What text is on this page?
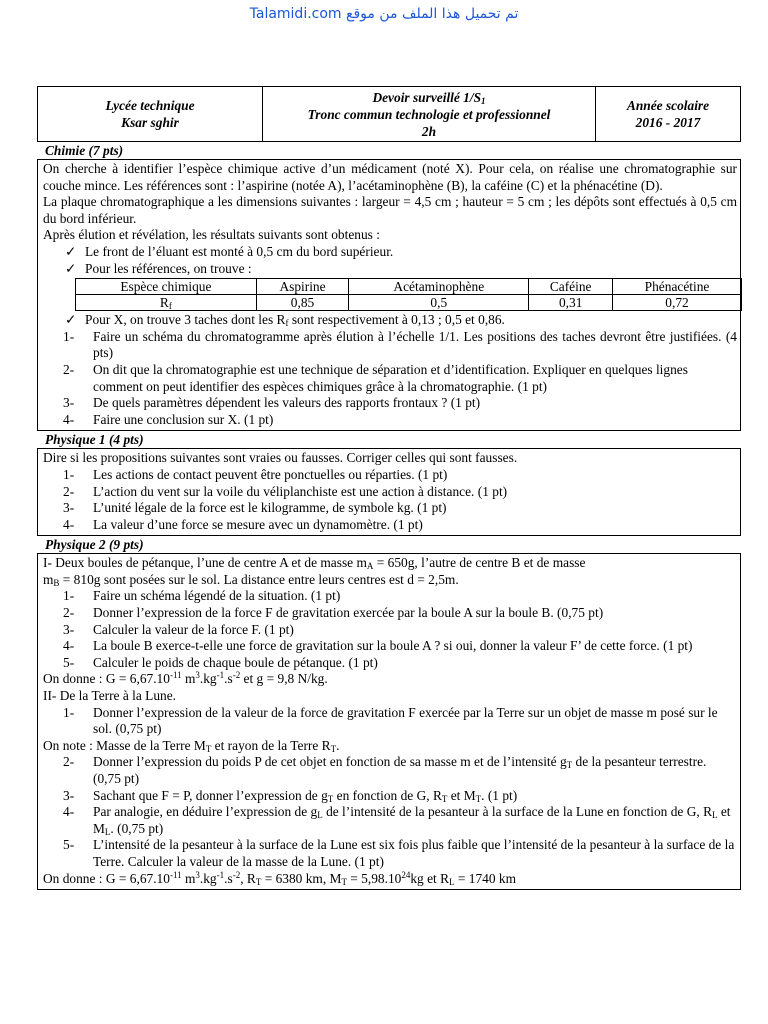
Talamidi.com تم تحميل هذا الملف من موقع
Lycée technique
Ksar sghir
Devoir surveillé $1/S_1$
Tronc commun technologie et professionnel
2h
Année scolaire
2016 - 2017
Chimie (7 pts)

On cherche à identifier l’espèce chimique active d’un médicament (noté X). Pour cela, on réalise une chromatographie sur couche mince. Les références sont : l’aspirine (notée A), l’acétaminophène (B), la caféine (C) et la phénacétine (D).

La plaque chromatographique a les dimensions suivantes : largeur = 4,5 cm ; hauteur = 5 cm ; les dépôts sont effectués à 0,5 cm du bord inférieur.

Après élution et révélation, les résultats suivants sont obtenus :

✓ Le front de l’éluant est monté à 0,5 cm du bord supérieur.
✓ Pour les références, on trouve :
Espèce chimique	Aspirine	Acétaminophène	Caféine	Phénacétine
$R_f$	0,85	0,5	0,31	0,72
✓ Pour X, on trouve 3 taches dont les $R_f$ sont respectivement à 0,13 ; 0,5 et 0,86.
1-	Faire un schéma du chromatogramme après élution à l’échelle 1/1. Les positions des taches devront être justifiées. (4 pts)
2-	On dit que la chromatographie est une technique de séparation et d’identification. Expliquer en quelques lignes comment on peut identifier des espèces chimiques grâce à la chromatographie. (1 pt)
3-	De quels paramètres dépendent les valeurs des rapports frontaux ? (1 pt)
4-	Faire une conclusion sur X. (1 pt)
Physique 1 (4 pts)

Dire si les propositions suivantes sont vraies ou fausses. Corriger celles qui sont fausses.

1-	Les actions de contact peuvent être ponctuelles ou réparties. (1 pt)
2-	L’action du vent sur la voile du véliplanchiste est une action à distance. (1 pt)
3-	L’unité légale de la force est le kilogramme, de symbole kg. (1 pt)
4-	La valeur d’une force se mesure avec un dynamomètre. (1 pt)
Physique 2 (9 pts)

I- Deux boules de pétanque, l’une de centre A et de masse $m_A = 650g$, l’autre de centre B et de masse
$m_B = 810g$ sont posées sur le sol. La distance entre leurs centres est d = 2,5m.

1-	Faire un schéma légendé de la situation. (1 pt)
2-	Donner l’expression de la force F de gravitation exercée par la boule A sur la boule B. (0,75 pt)
3-	Calculer la valeur de la force F. (1 pt)
4-	La boule B exerce-t-elle une force de gravitation sur la boule A ? si oui, donner la valeur F’ de cette force. (1 pt)
5-	Calculer le poids de chaque boule de pétanque. (1 pt)

On donne : $G = 6,67.10^{-11}$ $m^3.kg^{-1}.s^{-2}$ et g = 9,8 N/kg.

II- De la Terre à la Lune.

1-	Donner l’expression de la valeur de la force de gravitation F exercée par la Terre sur un objet de masse m posé sur le sol. (0,75 pt)

On note : Masse de la Terre $M_T$ et rayon de la Terre $R_T$.

2-	Donner l’expression du poids P de cet objet en fonction de sa masse m et de l’intensité $g_T$ de la pesanteur terrestre. (0,75 pt)
3-	Sachant que F = P, donner l’expression de $g_T$ en fonction de G, $R_T$ et $M_T$. (1 pt)
4-	Par analogie, en déduire l’expression de $g_L$ de l’intensité de la pesanteur à la surface de la Lune en fonction de G, $R_L$ et $M_L$. (0,75 pt)
5-	L’intensité de la pesanteur à la surface de la Lune est six fois plus faible que l’intensité de la pesanteur à la surface de la Terre. Calculer la valeur de la masse de la Lune. (1 pt)

On donne : $G = 6,67.10^{-11}$ $m^3.kg^{-1}.s^{-2}$, $R_T = 6380$ km, $M_T = 5,98.10^{24}kg$ et $R_L = 1740$ km
